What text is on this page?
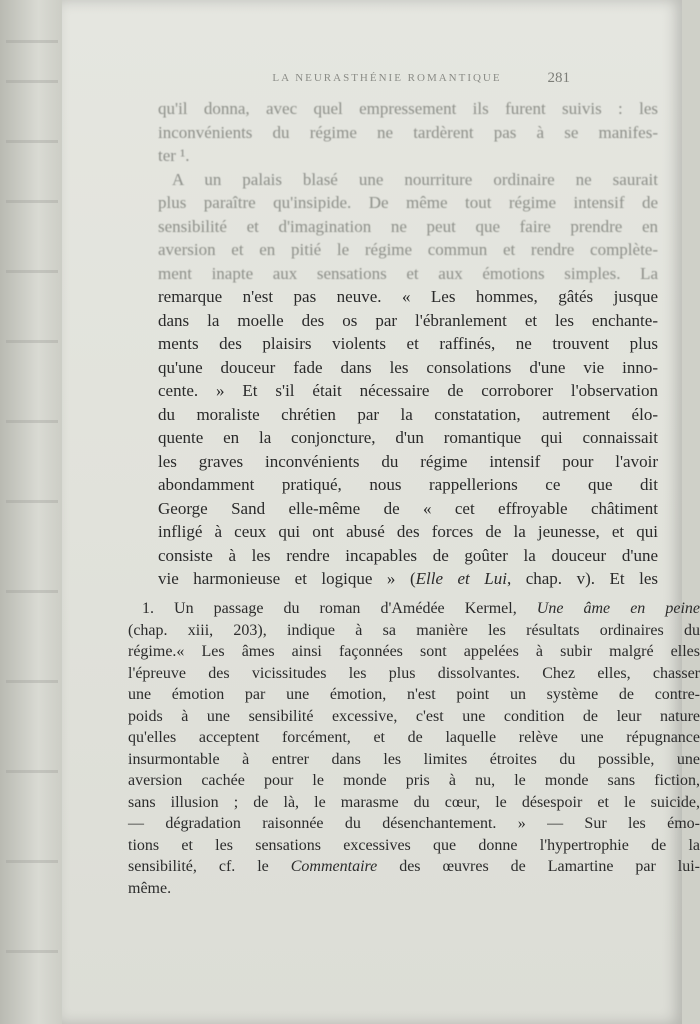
LA NEURASTHÉNIE ROMANTIQUE	281
qu'il donna, avec quel empressement ils furent suivis : les
inconvénients du régime ne tardèrent pas à se manifes-
ter ¹.
A un palais blasé une nourriture ordinaire ne saurait
plus paraître qu'insipide. De même tout régime intensif de
sensibilité et d'imagination ne peut que faire prendre en
aversion et en pitié le régime commun et rendre complète-
ment inapte aux sensations et aux émotions simples. La
remarque n'est pas neuve. « Les hommes, gâtés jusque
dans la moelle des os par l'ébranlement et les enchante-
ments des plaisirs violents et raffinés, ne trouvent plus
qu'une douceur fade dans les consolations d'une vie inno-
cente. » Et s'il était nécessaire de corroborer l'observation
du moraliste chrétien par la constatation, autrement élo-
quente en la conjoncture, d'un romantique qui connaissait
les graves inconvénients du régime intensif pour l'avoir
abondamment pratiqué, nous rappellerions ce que dit
George Sand elle-même de « cet effroyable châtiment
infligé à ceux qui ont abusé des forces de la jeunesse, et qui
consiste à les rendre incapables de goûter la douceur d'une
vie harmonieuse et logique » (Elle et Lui, chap. v). Et les
1. Un passage du roman d'Amédée Kermel, Une âme en peine
(chap. xiii, 203), indique à sa manière les résultats ordinaires du
régime.« Les âmes ainsi façonnées sont appelées à subir malgré elles
l'épreuve des vicissitudes les plus dissolvantes. Chez elles, chasser
une émotion par une émotion, n'est point un système de contre-
poids à une sensibilité excessive, c'est une condition de leur nature
qu'elles acceptent forcément, et de laquelle relève une répugnance
insurmontable à entrer dans les limites étroites du possible, une
aversion cachée pour le monde pris à nu, le monde sans fiction,
sans illusion ; de là, le marasme du cœur, le désespoir et le suicide,
— dégradation raisonnée du désenchantement. » — Sur les émo-
tions et les sensations excessives que donne l'hypertrophie de la
sensibilité, cf. le Commentaire des œuvres de Lamartine par lui-
même.
